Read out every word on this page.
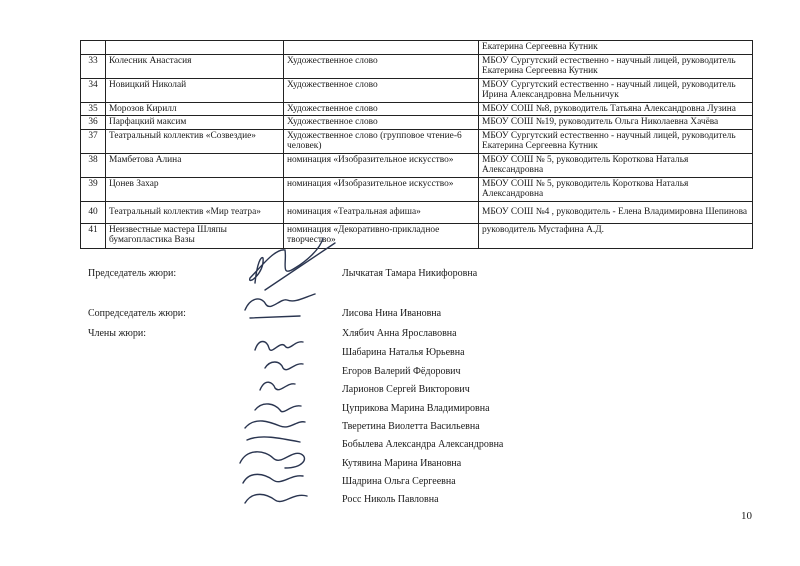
			Екатерина Сергеевна Кутник
33	Колесник Анастасия	Художественное слово	МБОУ Сургутский естественно - научный лицей, руководитель Екатерина Сергеевна Кутник
34	Новицкий Николай	Художественное слово	МБОУ Сургутский естественно - научный лицей, руководитель Ирина Александровна Мельничук
35	Морозов Кирилл	Художественное слово	МБОУ СОШ №8, руководитель Татьяна Александровна Лузина
36	Парфацкий максим	Художественное слово	МБОУ СОШ №19, руководитель Ольга Николаевна Хачёва
37	Театральный коллектив «Созвездие»	Художественное слово (групповое чтение-6 человек)	МБОУ Сургутский естественно - научный лицей, руководитель Екатерина Сергеевна Кутник
38	Мамбетова Алина	номинация «Изобразительное искусство»	МБОУ СОШ № 5, руководитель Короткова Наталья Александровна
39	Цонев Захар	номинация «Изобразительное искусство»	МБОУ СОШ № 5, руководитель Короткова Наталья Александровна
40	Театральный коллектив «Мир театра»	номинация «Театральная афиша»	МБОУ СОШ №4 , руководитель - Елена Владимировна Шепинова
41	Неизвестные мастера Шляпы бумагопластика Вазы	номинация «Декоративно-прикладное творчество»	руководитель Мустафина А.Д.
Председатель жюри:	Лычкатая Тамара Никифоровна
Сопредседатель жюри:	Лисова Нина Ивановна
Члены жюри:	Хлябич Анна Ярославовна
Шабарина Наталья Юрьевна
Егоров Валерий Фёдорович
Ларионов Сергей Викторович
Цуприкова Марина Владимировна
Тверетина Виолетта Васильевна
Бобылева Александра Александровна
Кутявина Марина Ивановна
Шадрина Ольга Сергеевна
Росс Николь Павловна
10
